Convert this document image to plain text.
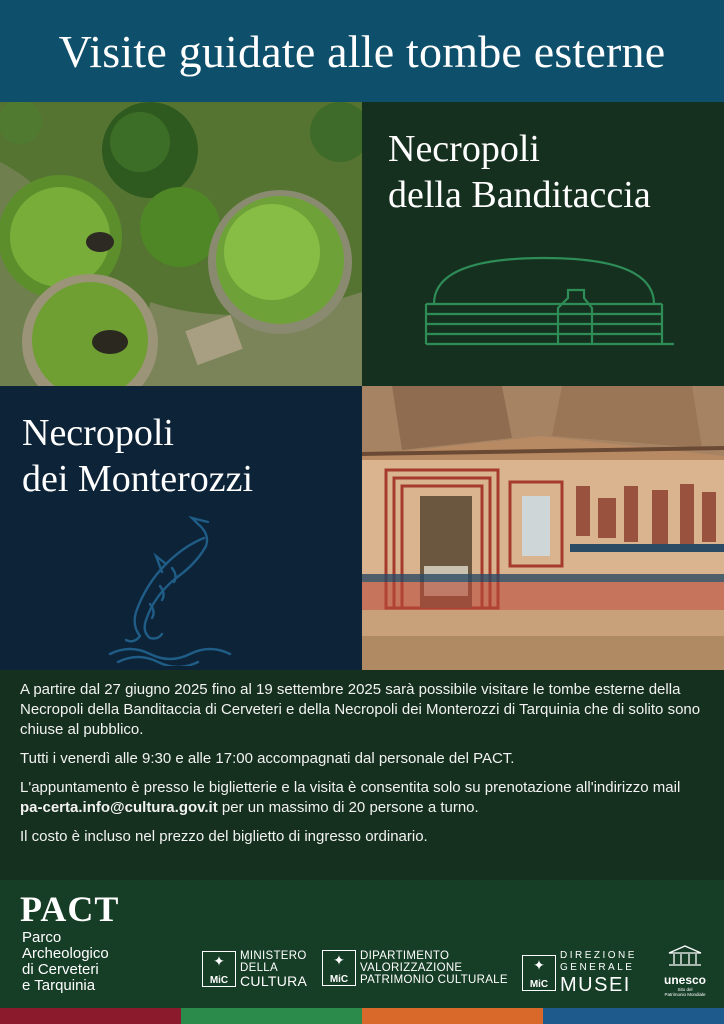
Visite guidate alle tombe esterne
Necropoli
della Banditaccia
Necropoli
dei Monterozzi

A partire dal 27 giugno 2025 fino al 19 settembre 2025 sarà possibile visitare le tombe esterne della Necropoli della Banditaccia di Cerveteri e della Necropoli dei Monterozzi di Tarquinia che di solito sono chiuse al pubblico.

Tutti i venerdì alle 9:30 e alle 17:00 accompagnati dal personale del PACT.

L'appuntamento è presso le biglietterie e la visita è consentita solo su prenotazione all'indirizzo mail pa-certa.info@cultura.gov.it per un massimo di 20 persone a turno.

Il costo è incluso nel prezzo del biglietto di ingresso ordinario.

PACT
Parco
Archeologico
di Cerveteri
e Tarquinia
✦
MiC
MINISTERO
DELLA
CULTURA
✦
MiC
DIPARTIMENTO
VALORIZZAZIONE
PATRIMONIO CULTURALE
✦
MiC
DIREZIONE
GENERALE
MUSEI	unesco
Sito del
Patrimonio Mondiale
